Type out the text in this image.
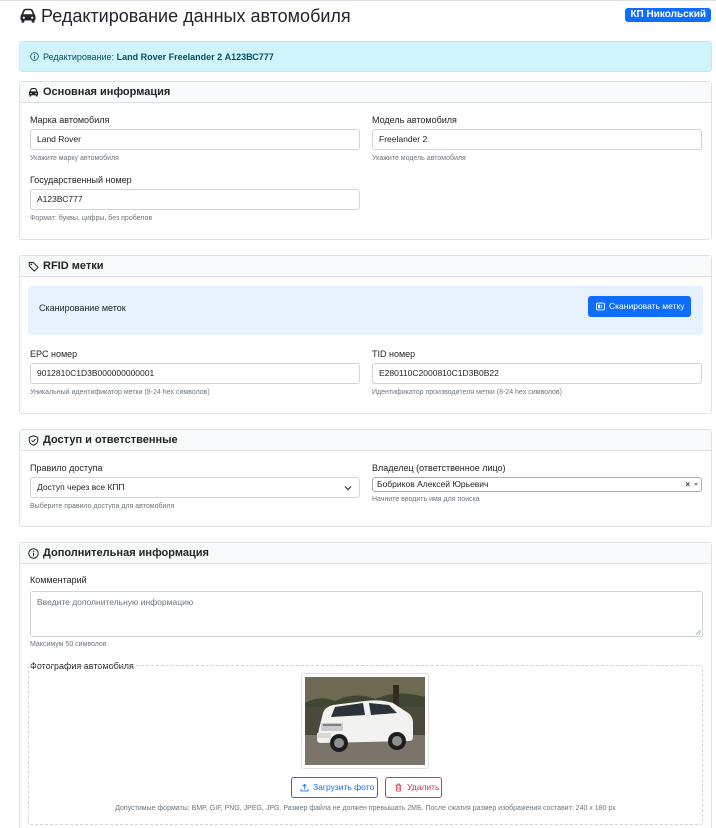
Редактирование данных автомобиля	КП Никольский
Редактирование: Land Rover Freelander 2 А123ВС777
Основная информация
Марка автомобиля
Land Rover
Укажите марку автомобиля
Модель автомобиля
Freelander 2
Укажите модель автомобиля
Государственный номер
А123ВС777
Формат: буквы, цифры, без пробелов
RFID метки
Сканирование меток	Сканировать метку
EPC номер
9012810C1D3B000000000001
Уникальный идентификатор метки (8-24 hex символов)
TID номер
E280110C2000810C1D3B0B22
Идентификатор производителя метки (8-24 hex символов)
Доступ и ответственные
Правило доступа
Доступ через все КПП
Выберите правило доступа для автомобиля
Владелец (ответственное лицо)
Бобриков Алексей Юрьевич	×
Начните вводить имя для поиска
Дополнительная информация
Комментарий
Введите дополнительную информацию
Максимум 50 символов
Фотография автомобиля
Загрузить фото	Удалить
Допустимые форматы: BMP, GIF, PNG, JPEG, JPG. Размер файла не должен превышать 2МБ. После сжатия размер изображения составит: 240 x 180 px
